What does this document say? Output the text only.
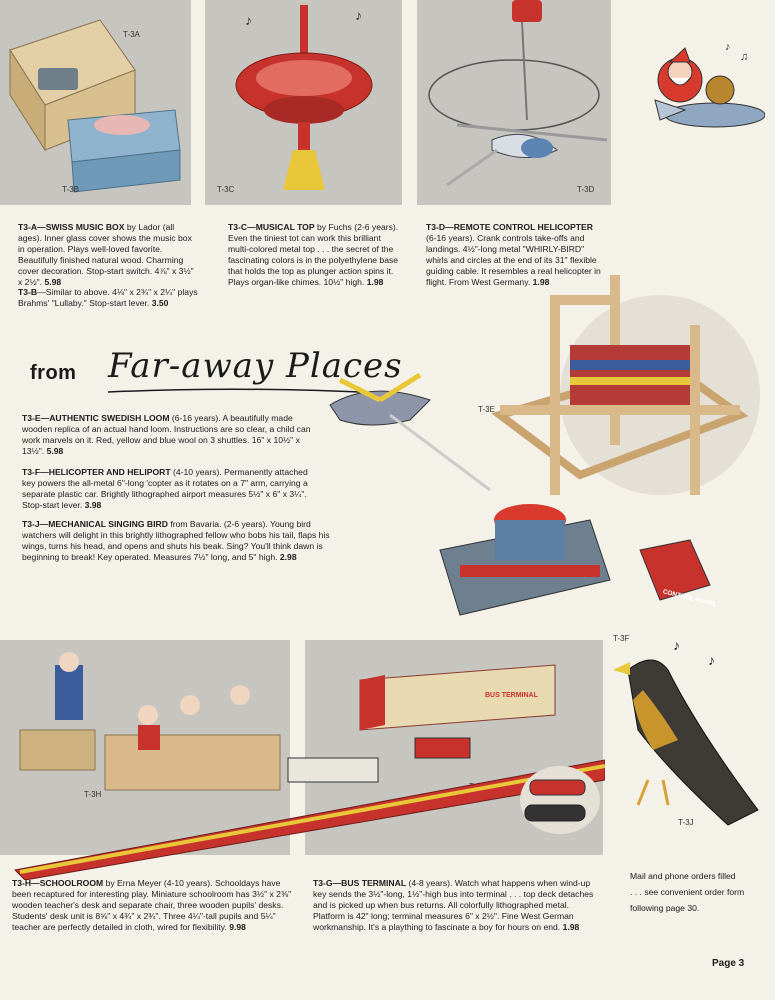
T-3A
T-3B
♪	♪
T-3C	T-3D
♪
♫
T3-A—SWISS MUSIC BOX by Lador (all ages). Inner glass cover shows the music box in operation. Plays well-loved favorite. Beautifully finished natural wood. Charming cover decoration. Stop-start switch. 4⅞" x 3½" x 2½". 5.98
T3-B—Similar to above. 4⅛" x 2¾" x 2¼" plays Brahms' "Lullaby." Stop-start lever. 3.50
T3-C—MUSICAL TOP by Fuchs (2-6 years). Even the tiniest tot can work this brilliant multi-colored metal top . . . the secret of the fascinating colors is in the polyethylene base that holds the top as plunger action spins it. Plays organ-like chimes. 10½" high. 1.98
T3-D—REMOTE CONTROL HELICOPTER (6-16 years). Crank controls take-offs and landings. 4½"-long metal "WHIRLY-BIRD" whirls and circles at the end of its 31" flexible guiding cable. It resembles a real helicopter in flight. From West Germany. 1.98
from Far-away Places
T3-E—AUTHENTIC SWEDISH LOOM (6-16 years). A beautifully made wooden replica of an actual hand loom. Instructions are so clear, a child can work marvels on it. Red, yellow and blue wool on 3 shuttles. 16" x 10½" x 13½". 5.98
T3-F—HELICOPTER AND HELIPORT (4-10 years). Permanently attached key powers the all-metal 6"-long 'copter as it rotates on a 7" arm, carrying a separate plastic car. Brightly lithographed airport measures 5½" x 6" x 3¼". Stop-start lever. 3.98
T3-J—MECHANICAL SINGING BIRD from Bavaria. (2-6 years). Young bird watchers will delight in this brightly lithographed fellow who bobs his tail, flaps his wings, turns his head, and opens and shuts his beak. Sing? You'll think dawn is beginning to break! Key operated. Measures 7½" long, and 5" high. 2.98
T-3E
T-3F
CONTROL PANEL
T-3H
BUS TERMINAL
♪
♪
T-3J
T3-H—SCHOOLROOM by Erna Meyer (4-10 years). Schooldays have been recaptured for interesting play. Miniature schoolroom has 3½" x 2⅜" wooden teacher's desk and separate chair, three wooden pupils' desks. Students' desk unit is 8⅝" x 4¾" x 2¾". Three 4¼"-tall pupils and 5¼" teacher are perfectly detailed in cloth, wired for flexibility. 9.98
T3-G—BUS TERMINAL (4-8 years). Watch what happens when wind-up key sends the 3½"-long, 1½"-high bus into terminal . . . top deck detaches and is picked up when bus returns. All colorfully lithographed metal. Platform is 42" long; terminal measures 6" x 2½". Fine West German workmanship. It's a plaything to fascinate a boy for hours on end. 1.98
Mail and phone orders filled
. . . see convenient order form
following page 30.
Page 3
